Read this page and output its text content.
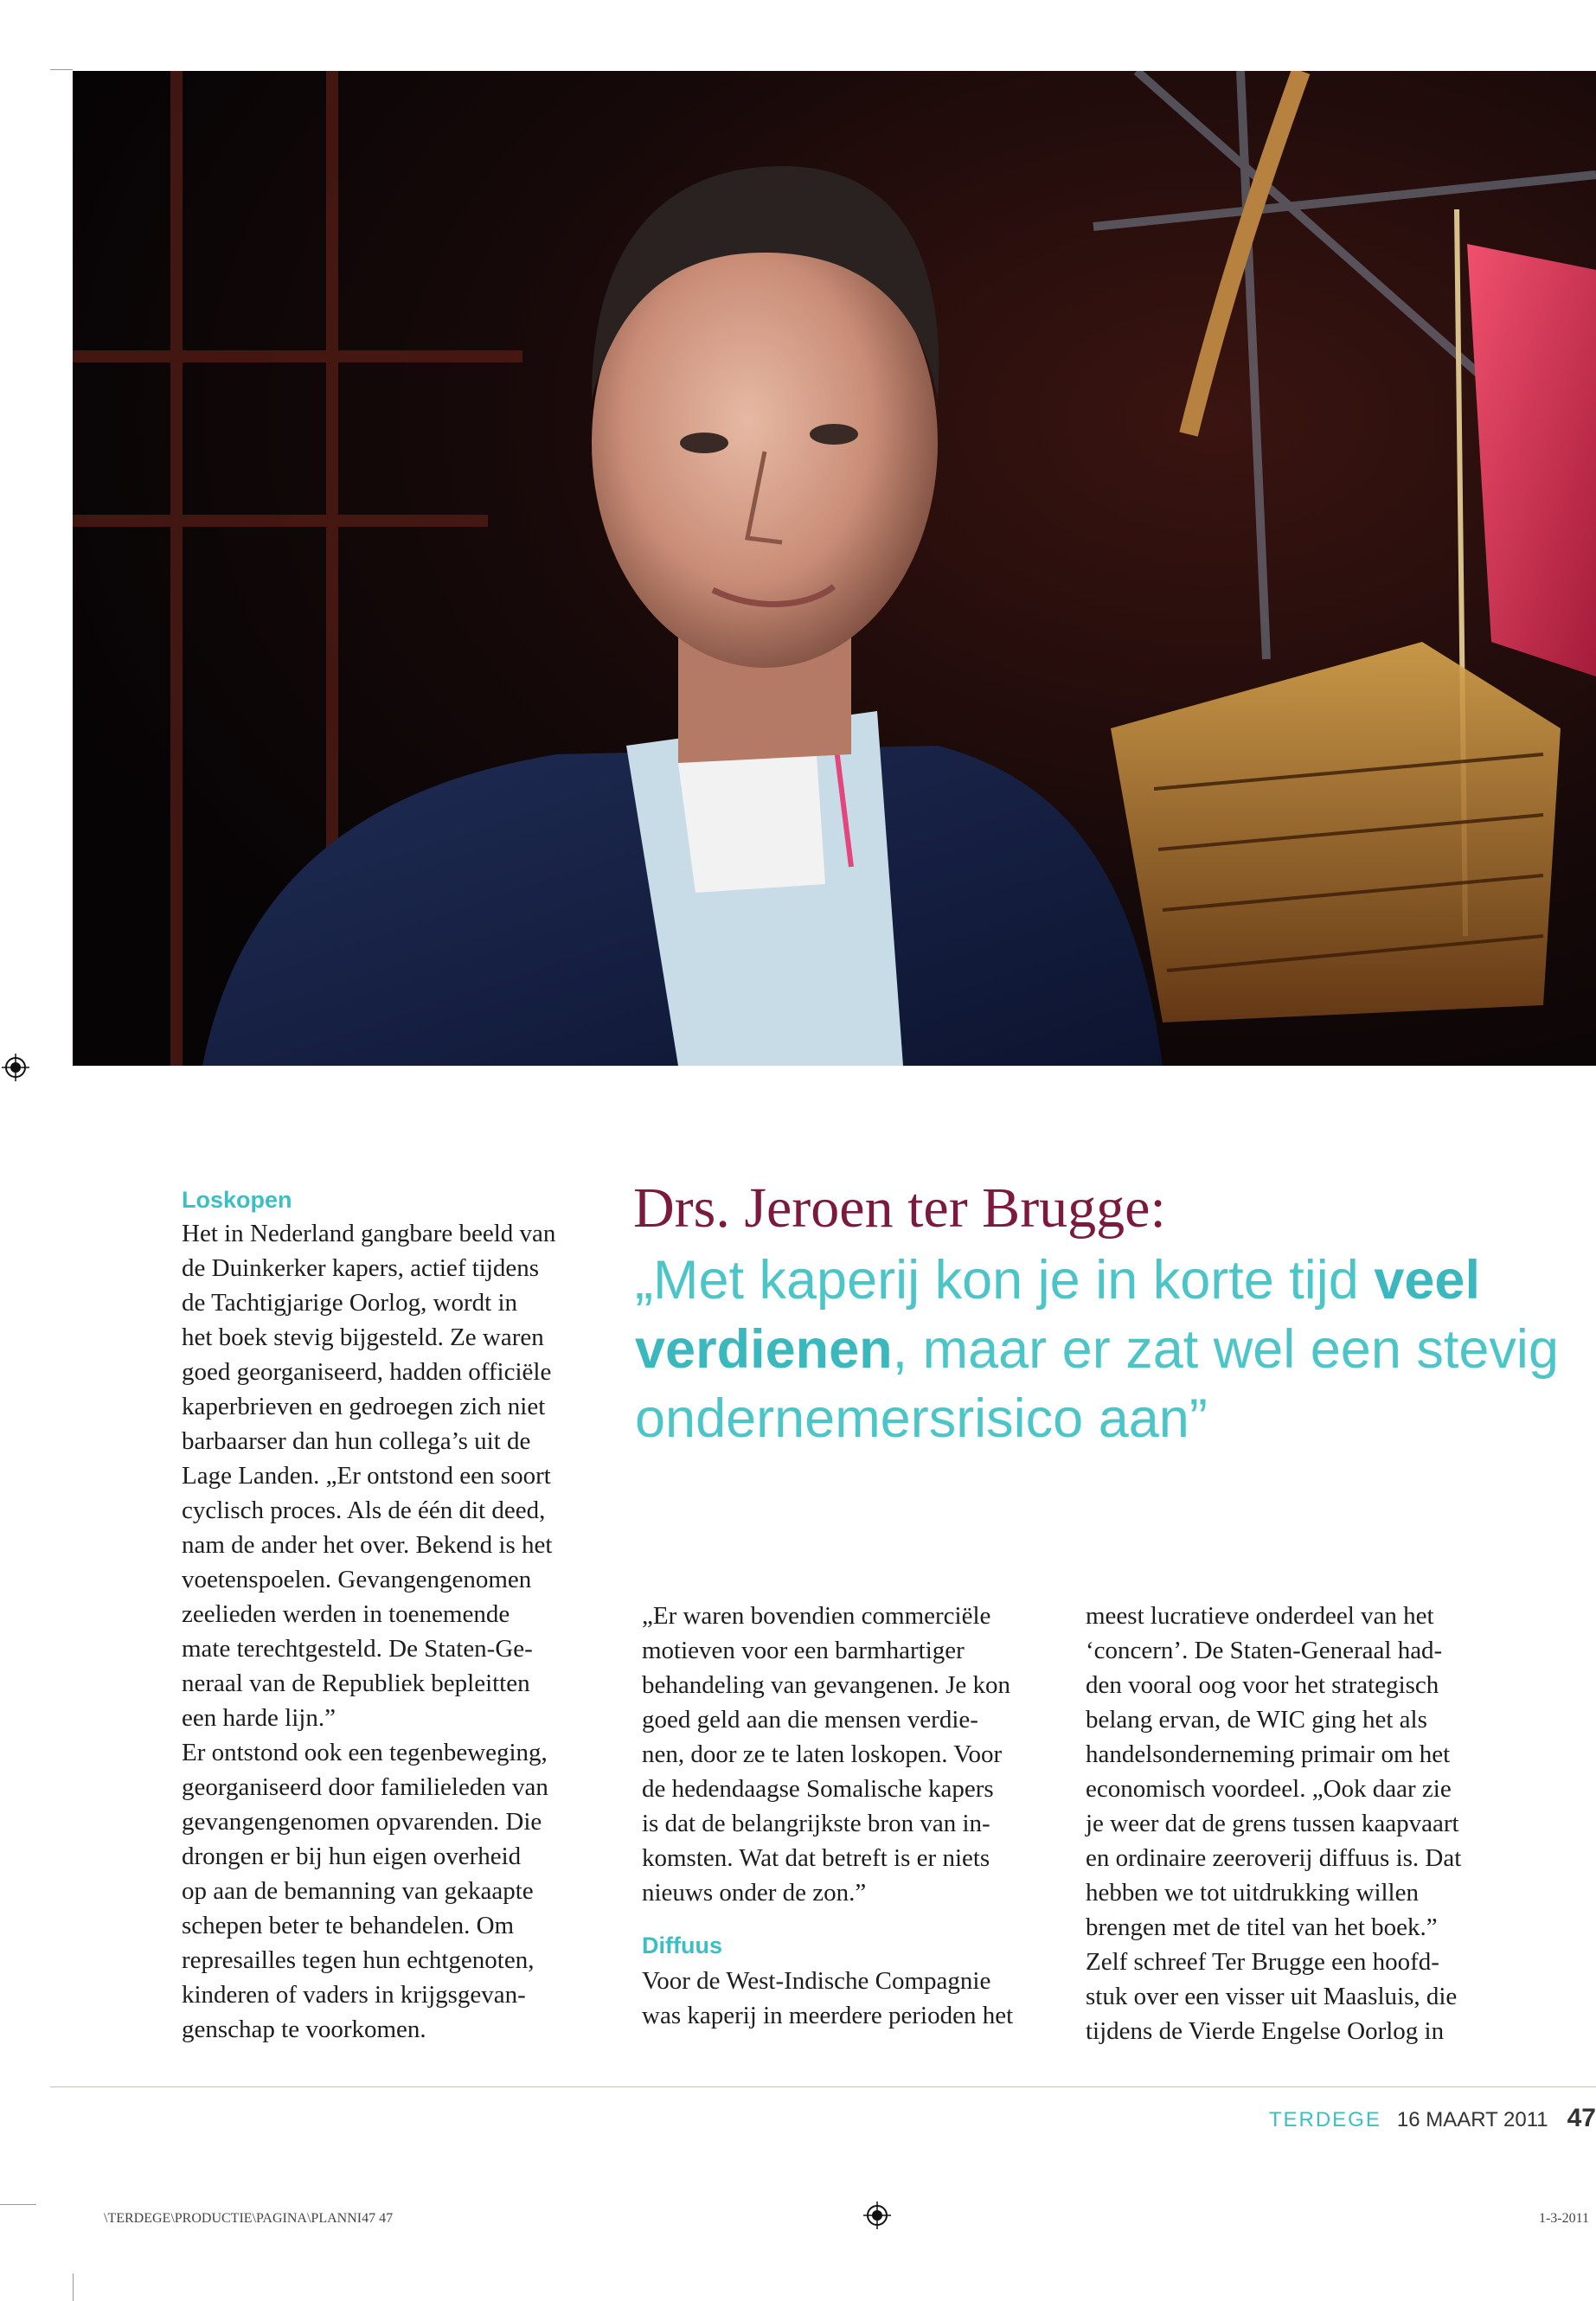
Loskopen

Het in Nederland gangbare beeld van

de Duinkerker kapers, actief tijdens

de Tachtigjarige Oorlog, wordt in

het boek stevig bijgesteld. Ze waren

goed georganiseerd, hadden officiële

kaperbrieven en gedroegen zich niet

barbaarser dan hun collega’s uit de

Lage Landen. „Er ontstond een soort

cyclisch proces. Als de één dit deed,

nam de ander het over. Bekend is het

voetenspoelen. Gevangengenomen

zeelieden werden in toenemende

mate terechtgesteld. De Staten-Ge-

neraal van de Republiek bepleitten

een harde lijn.”

Er ontstond ook een tegenbeweging,

georganiseerd door familieleden van

gevangengenomen opvarenden. Die

drongen er bij hun eigen overheid

op aan de bemanning van gekaapte

schepen beter te behandelen. Om

represailles tegen hun echtgenoten,

kinderen of vaders in krijgsgevan-

genschap te voorkomen.

Drs. Jeroen ter Brugge:

„Met kaperij kon je in korte tijd veel verdienen, maar er zat wel een stevig ondernemersrisico aan”

„Er waren bovendien commerciële

motieven voor een barmhartiger

behandeling van gevangenen. Je kon

goed geld aan die mensen verdie-

nen, door ze te laten loskopen. Voor

de hedendaagse Somalische kapers

is dat de belangrijkste bron van in-

komsten. Wat dat betreft is er niets

nieuws onder de zon.”

Diffuus

Voor de West-Indische Compagnie

was kaperij in meerdere perioden het

meest lucratieve onderdeel van het

‘concern’. De Staten-Generaal had-

den vooral oog voor het strategisch

belang ervan, de WIC ging het als

handelsonderneming primair om het

economisch voordeel. „Ook daar zie

je weer dat de grens tussen kaapvaart

en ordinaire zeeroverij diffuus is. Dat

hebben we tot uitdrukking willen

brengen met de titel van het boek.”

Zelf schreef Ter Brugge een hoofd-

stuk over een visser uit Maasluis, die

tijdens de Vierde Engelse Oorlog in

TERDEGE 16 MAART 2011 47
\TERDEGE\PRODUCTIE\PAGINA\PLANNI47 47	1-3-2011
